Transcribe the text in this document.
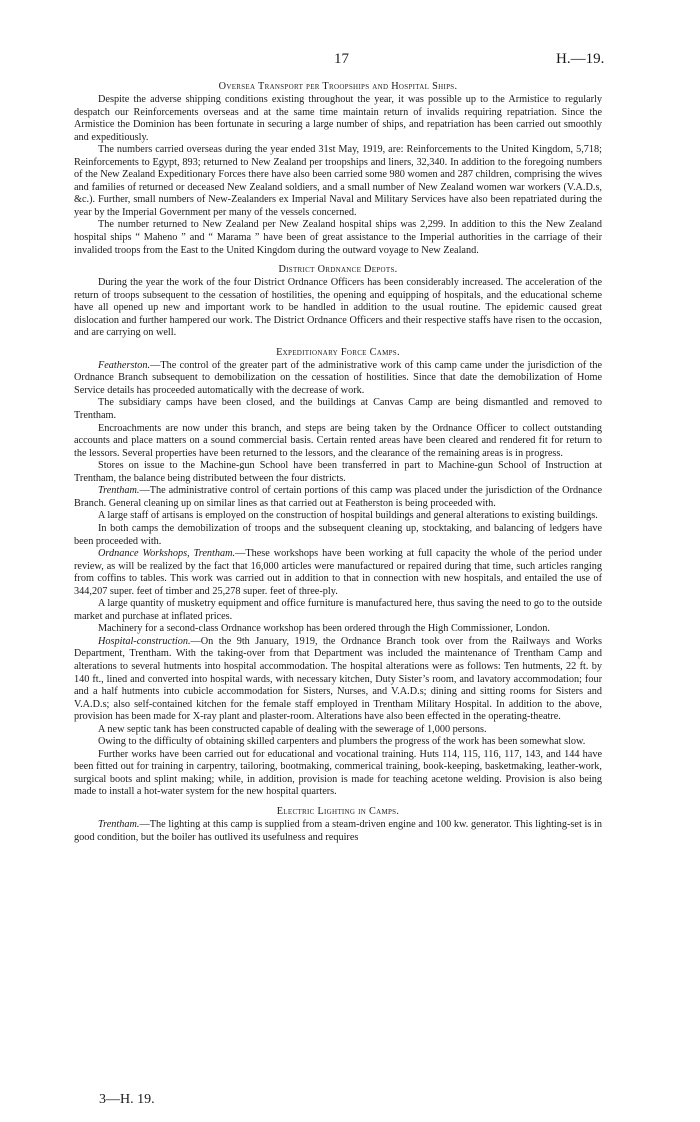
17	H.—19.
Oversea Transport per Troopships and Hospital Ships.

Despite the adverse shipping conditions existing throughout the year, it was possible up to the Armistice to regularly despatch our Reinforcements overseas and at the same time maintain return of invalids requiring repatriation. Since the Armistice the Dominion has been fortunate in securing a large number of ships, and repatriation has been carried out smoothly and expeditiously.

The numbers carried overseas during the year ended 31st May, 1919, are: Reinforcements to the United Kingdom, 5,718; Reinforcements to Egypt, 893; returned to New Zealand per troopships and liners, 32,340. In addition to the foregoing numbers of the New Zealand Expeditionary Forces there have also been carried some 980 women and 287 children, comprising the wives and families of returned or deceased New Zealand soldiers, and a small number of New Zealand women war workers (V.A.D.s, &c.). Further, small numbers of New-Zealanders ex Imperial Naval and Military Services have also been repatriated during the year by the Imperial Government per many of the vessels concerned.

The number returned to New Zealand per New Zealand hospital ships was 2,299. In addition to this the New Zealand hospital ships “ Maheno ” and “ Marama ” have been of great assistance to the Imperial authorities in the carriage of their invalided troops from the East to the United Kingdom during the outward voyage to New Zealand.

District Ordnance Depots.

During the year the work of the four District Ordnance Officers has been considerably increased. The acceleration of the return of troops subsequent to the cessation of hostilities, the opening and equipping of hospitals, and the educational scheme have all opened up new and important work to be handled in addition to the usual routine. The epidemic caused great dislocation and further hampered our work. The District Ordnance Officers and their respective staffs have risen to the occasion, and are carrying on well.

Expeditionary Force Camps.

Featherston.—The control of the greater part of the administrative work of this camp came under the jurisdiction of the Ordnance Branch subsequent to demobilization on the cessation of hostilities. Since that date the demobilization of Home Service details has proceeded automatically with the decrease of work.

The subsidiary camps have been closed, and the buildings at Canvas Camp are being dismantled and removed to Trentham.

Encroachments are now under this branch, and steps are being taken by the Ordnance Officer to collect outstanding accounts and place matters on a sound commercial basis. Certain rented areas have been cleared and rendered fit for return to the lessors. Several properties have been returned to the lessors, and the clearance of the remaining areas is in progress.

Stores on issue to the Machine-gun School have been transferred in part to Machine-gun School of Instruction at Trentham, the balance being distributed between the four districts.

Trentham.—The administrative control of certain portions of this camp was placed under the jurisdiction of the Ordnance Branch. General cleaning up on similar lines as that carried out at Featherston is being proceeded with.

A large staff of artisans is employed on the construction of hospital buildings and general alterations to existing buildings.

In both camps the demobilization of troops and the subsequent cleaning up, stocktaking, and balancing of ledgers have been proceeded with.

Ordnance Workshops, Trentham.—These workshops have been working at full capacity the whole of the period under review, as will be realized by the fact that 16,000 articles were manufactured or repaired during that time, such articles ranging from coffins to tables. This work was carried out in addition to that in connection with new hospitals, and entailed the use of 344,207 super. feet of timber and 25,278 super. feet of three-ply.

A large quantity of musketry equipment and office furniture is manufactured here, thus saving the need to go to the outside market and purchase at inflated prices.

Machinery for a second-class Ordnance workshop has been ordered through the High Commissioner, London.

Hospital-construction.—On the 9th January, 1919, the Ordnance Branch took over from the Railways and Works Department, Trentham. With the taking-over from that Department was included the maintenance of Trentham Camp and alterations to several hutments into hospital accommodation. The hospital alterations were as follows: Ten hutments, 22 ft. by 140 ft., lined and converted into hospital wards, with necessary kitchen, Duty Sister’s room, and lavatory accommodation; four and a half hutments into cubicle accommodation for Sisters, Nurses, and V.A.D.s; dining and sitting rooms for Sisters and V.A.D.s; also self-contained kitchen for the female staff employed in Trentham Military Hospital. In addition to the above, provision has been made for X-ray plant and plaster-room. Alterations have also been effected in the operating-theatre.

A new septic tank has been constructed capable of dealing with the sewerage of 1,000 persons.

Owing to the difficulty of obtaining skilled carpenters and plumbers the progress of the work has been somewhat slow.

Further works have been carried out for educational and vocational training. Huts 114, 115, 116, 117, 143, and 144 have been fitted out for training in carpentry, tailoring, bootmaking, commerical training, book-keeping, basketmaking, leather-work, surgical boots and splint making; while, in addition, provision is made for teaching acetone welding. Provision is also being made to install a hot-water system for the new hospital quarters.

Electric Lighting in Camps.

Trentham.—The lighting at this camp is supplied from a steam-driven engine and 100 kw. generator. This lighting-set is in good condition, but the boiler has outlived its usefulness and requires

3—H. 19.
